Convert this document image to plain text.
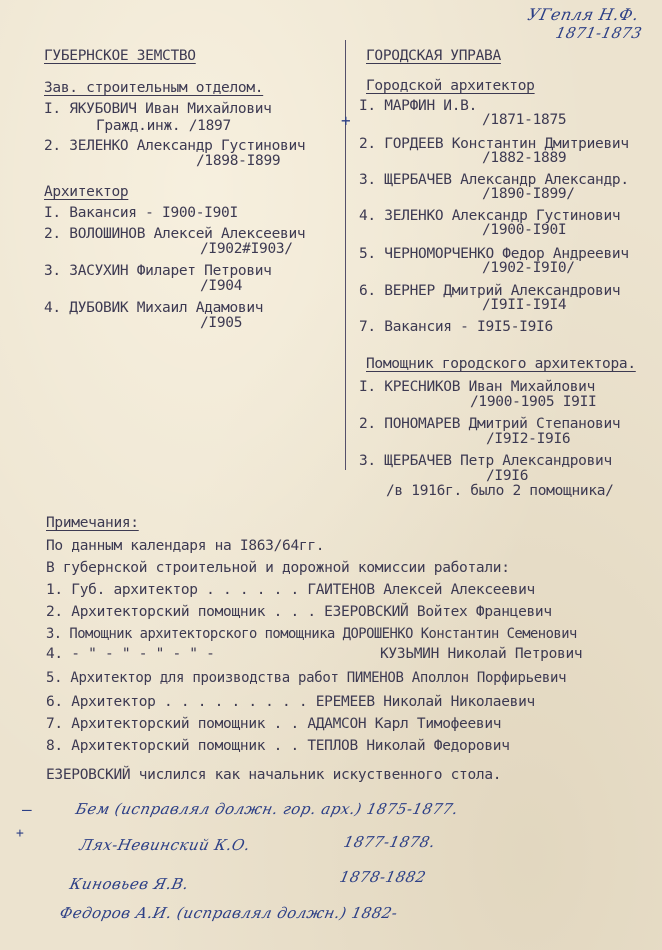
УГепля Н.Ф.
1871-1873
ГУБЕРНСКОЕ ЗЕМСТВО
Зав. строительным отделом.
I. ЯКУБОВИЧ Иван Михайлович
Гражд.инж. /1897
2. ЗЕЛЕНКО Александр Густинович
/1898-I899
Архитектор
I. Вакансия - I900-I90I
2. ВОЛОШИНОВ Алексей Алексеевич
/I902#I903/
3. ЗАСУХИН Филарет Петрович
/I904
4. ДУБОВИК Михаил Адамович
/I905
ГОРОДСКАЯ УПРАВА
Городской архитектор
+
I. МАРФИН И.В.
/1871-1875
2. ГОРДЕЕВ Константин Дмитриевич
/1882-1889
3. ЩЕРБАЧЕВ Александр Александр.
/1890-I899/
4. ЗЕЛЕНКО Александр Густинович
/1900-I90I
5. ЧЕРНОМОРЧЕНКО Федор Андреевич
/1902-I9I0/
6. ВЕРНЕР Дмитрий Александрович
/I9II-I9I4
7. Вакансия - I9I5-I9I6
Помощник городского архитектора.
I. КРЕСНИКОВ Иван Михайлович
/1900-1905 I9II
2. ПОНОМАРЕВ Дмитрий Степанович
/I9I2-I9I6
3. ЩЕРБАЧЕВ Петр Александрович
/I9I6
/в 1916г. было 2 помощника/
Примечания:
По данным календаря на I863/64гг.
В губернской строительной и дорожной комиссии работали:
1. Губ. архитектор . . . . . . ГАИТЕНОВ Алексей Алексеевич
2. Архитекторский помощник . . . ЕЗЕРОВСКИЙ Войтех Францевич
3. Помощник архитекторского помощника ДОРОШЕНКО Константин Семенович
4. - " - " - " - " -	КУЗЬМИН Николай Петрович
5. Архитектор для производства работ ПИМЕНОВ Аполлон Порфирьевич
6. Архитектор . . . . . . . . . ЕРЕМЕЕВ Николай Николаевич
7. Архитекторский помощник . . АДАМСОН Карл Тимофеевич
8. Архитекторский помощник . . ТЕПЛОВ Николай Федорович
ЕЗЕРОВСКИЙ числился как начальник искуственного стола.
—	Бем (исправлял должн. гор. арх.) 1875-1877.
+
Лях-Невинский К.О.	1877-1878.
Киновьев Я.В.	1878-1882
Федоров А.И. (исправлял должн.) 1882-
